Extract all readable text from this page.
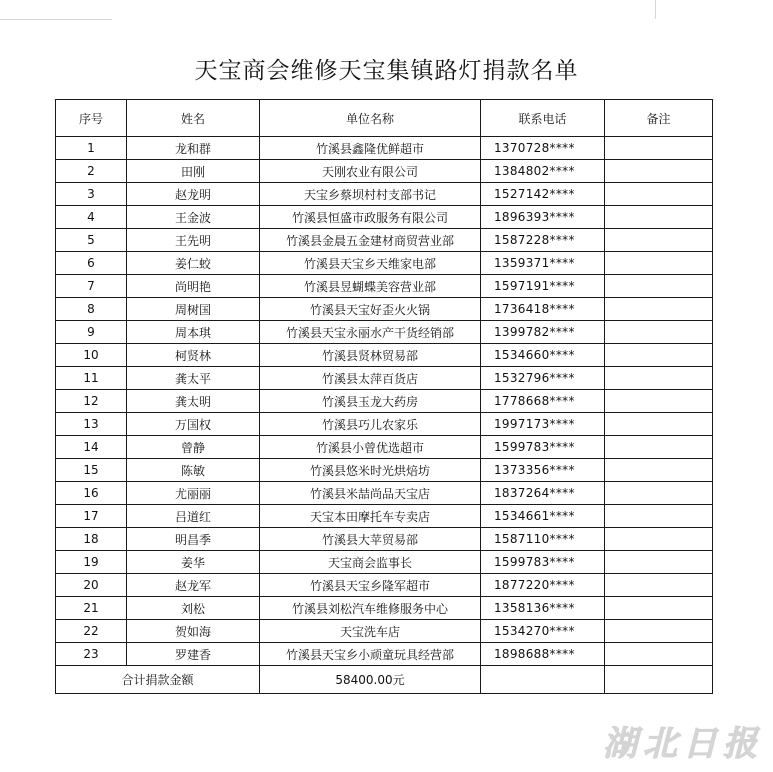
天宝商会维修天宝集镇路灯捐款名单
序号	姓名	单位名称	联系电话	备注
1	龙和群	竹溪县鑫隆优鲜超市	1370728****	
2	田刚	天刚农业有限公司	1384802****	
3	赵龙明	天宝乡蔡坝村村支部书记	1527142****	
4	王金波	竹溪县恒盛市政服务有限公司	1896393****	
5	王先明	竹溪县金晨五金建材商贸营业部	1587228****	
6	姜仁蛟	竹溪县天宝乡天维家电部	1359371****	
7	尚明艳	竹溪县昱蝴蝶美容营业部	1597191****	
8	周树国	竹溪县天宝好歪火火锅	1736418****	
9	周本琪	竹溪县天宝永丽水产干货经销部	1399782****	
10	柯贤林	竹溪县贤林贸易部	1534660****	
11	龚太平	竹溪县太萍百货店	1532796****	
12	龚太明	竹溪县玉龙大药房	1778668****	
13	万国权	竹溪县巧儿农家乐	1997173****	
14	曾静	竹溪县小曾优选超市	1599783****	
15	陈敏	竹溪县悠米时光烘焙坊	1373356****	
16	尤丽丽	竹溪县米喆尚品天宝店	1837264****	
17	吕道红	天宝本田摩托车专卖店	1534661****	
18	明昌季	竹溪县大苹贸易部	1587110****	
19	姜华	天宝商会监事长	1599783****	
20	赵龙军	竹溪县天宝乡隆军超市	1877220****	
21	刘松	竹溪县刘松汽车维修服务中心	1358136****	
22	贺如海	天宝洗车店	1534270****	
23	罗建香	竹溪县天宝乡小顽童玩具经营部	1898688****	
合计捐款金额		58400.00元		
湖北日报
